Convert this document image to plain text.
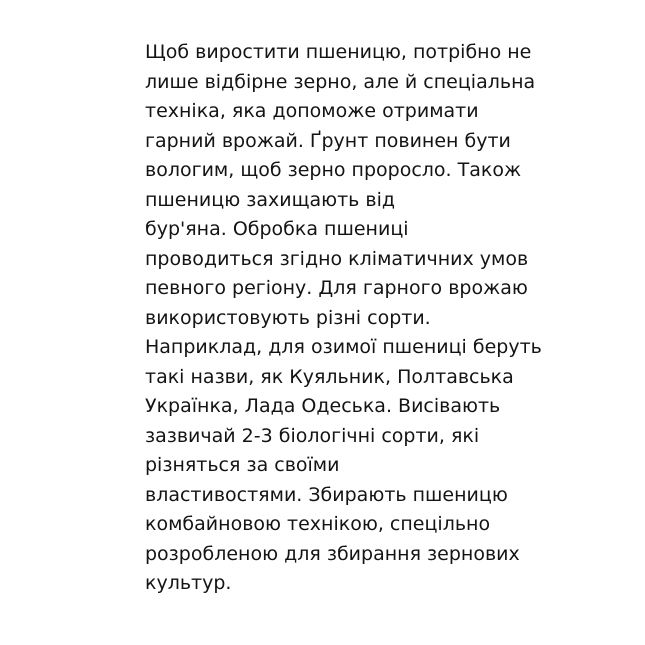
Щоб виростити пшеницю, потрібно не
лише відбірне зерно, але й спеціальна
техніка, яка допоможе отримати
гарний врожай. Ґрунт повинен бути
вологим, щоб зерно проросло. Також
пшеницю захищають від
бур'яна. Обробка пшениці
проводиться згідно кліматичних умов
певного регіону. Для гарного врожаю
використовують різні сорти.
Наприклад, для озимої пшениці беруть
такі назви, як Куяльник, Полтавська
Українка, Лада Одеська. Висівають
зазвичай 2-3 біологічні сорти, які
різняться за своїми
властивостями. Збирають пшеницю
комбайновою технікою, спецільно
розробленою для збирання зернових
культур.
